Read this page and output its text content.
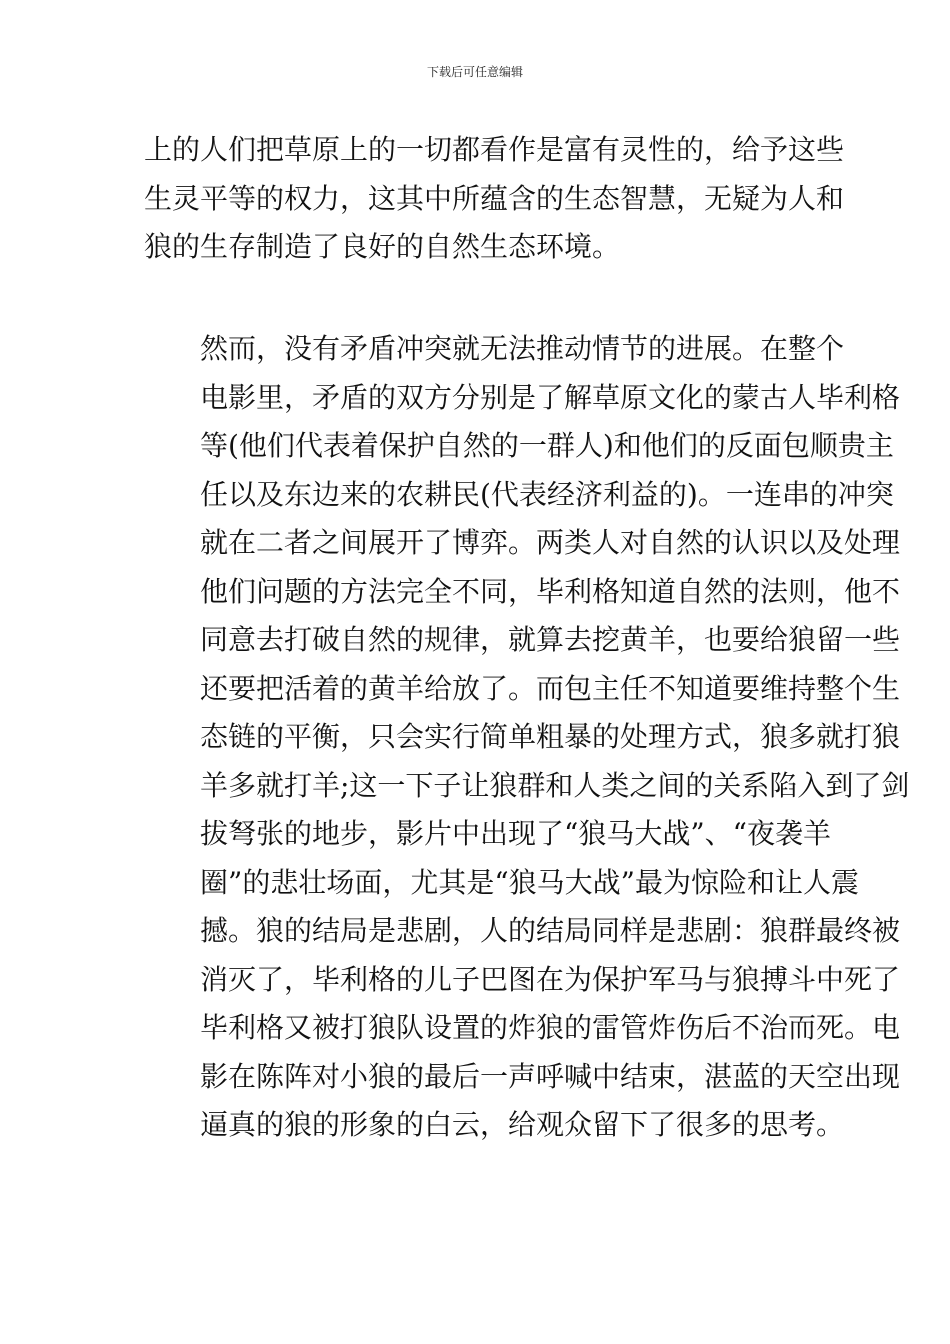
下载后可任意编辑
上的人们把草原上的一切都看作是富有灵性的，给予这些
生灵平等的权力，这其中所蕴含的生态智慧，无疑为人和
狼的生存制造了良好的自然生态环境。
然而，没有矛盾冲突就无法推动情节的进展。在整个
电影里，矛盾的双方分别是了解草原文化的蒙古人毕利格
等(他们代表着保护自然的一群人)和他们的反面包顺贵主
任以及东边来的农耕民(代表经济利益的)。一连串的冲突
就在二者之间展开了博弈。两类人对自然的认识以及处理
他们问题的方法完全不同，毕利格知道自然的法则，他不
同意去打破自然的规律，就算去挖黄羊，也要给狼留一些
还要把活着的黄羊给放了。而包主任不知道要维持整个生
态链的平衡，只会实行简单粗暴的处理方式，狼多就打狼
羊多就打羊;这一下子让狼群和人类之间的关系陷入到了剑
拔弩张的地步，影片中出现了“狼马大战”、“夜袭羊
圈”的悲壮场面，尤其是“狼马大战”最为惊险和让人震
撼。狼的结局是悲剧，人的结局同样是悲剧：狼群最终被
消灭了，毕利格的儿子巴图在为保护军马与狼搏斗中死了
毕利格又被打狼队设置的炸狼的雷管炸伤后不治而死。电
影在陈阵对小狼的最后一声呼喊中结束，湛蓝的天空出现
逼真的狼的形象的白云，给观众留下了很多的思考。
